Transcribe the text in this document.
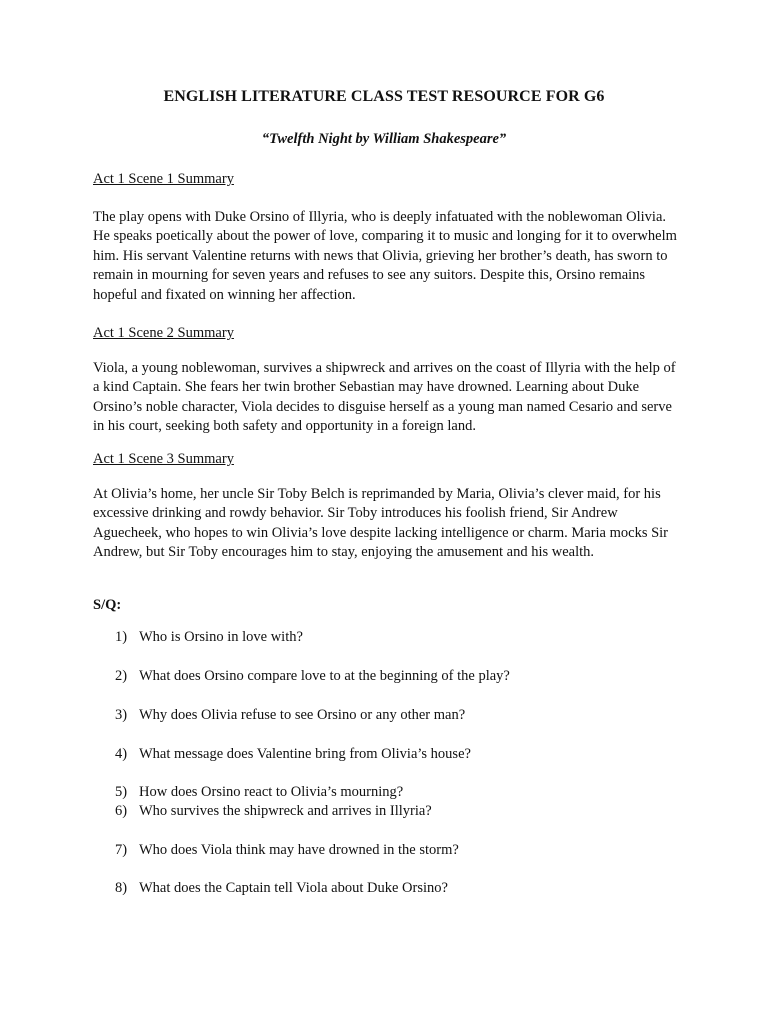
ENGLISH LITERATURE CLASS TEST RESOURCE FOR G6
“Twelfth Night by William Shakespeare”
Act 1 Scene 1 Summary
The play opens with Duke Orsino of Illyria, who is deeply infatuated with the noblewoman Olivia. He speaks poetically about the power of love, comparing it to music and longing for it to overwhelm him. His servant Valentine returns with news that Olivia, grieving her brother’s death, has sworn to remain in mourning for seven years and refuses to see any suitors. Despite this, Orsino remains hopeful and fixated on winning her affection.
Act 1 Scene 2 Summary
Viola, a young noblewoman, survives a shipwreck and arrives on the coast of Illyria with the help of a kind Captain. She fears her twin brother Sebastian may have drowned. Learning about Duke Orsino’s noble character, Viola decides to disguise herself as a young man named Cesario and serve in his court, seeking both safety and opportunity in a foreign land.
Act 1 Scene 3 Summary
At Olivia’s home, her uncle Sir Toby Belch is reprimanded by Maria, Olivia’s clever maid, for his excessive drinking and rowdy behavior. Sir Toby introduces his foolish friend, Sir Andrew Aguecheek, who hopes to win Olivia’s love despite lacking intelligence or charm. Maria mocks Sir Andrew, but Sir Toby encourages him to stay, enjoying the amusement and his wealth.
S/Q:
1) Who is Orsino in love with?
2) What does Orsino compare love to at the beginning of the play?
3) Why does Olivia refuse to see Orsino or any other man?
4) What message does Valentine bring from Olivia’s house?
5) How does Orsino react to Olivia’s mourning?
6) Who survives the shipwreck and arrives in Illyria?
7) Who does Viola think may have drowned in the storm?
8) What does the Captain tell Viola about Duke Orsino?
